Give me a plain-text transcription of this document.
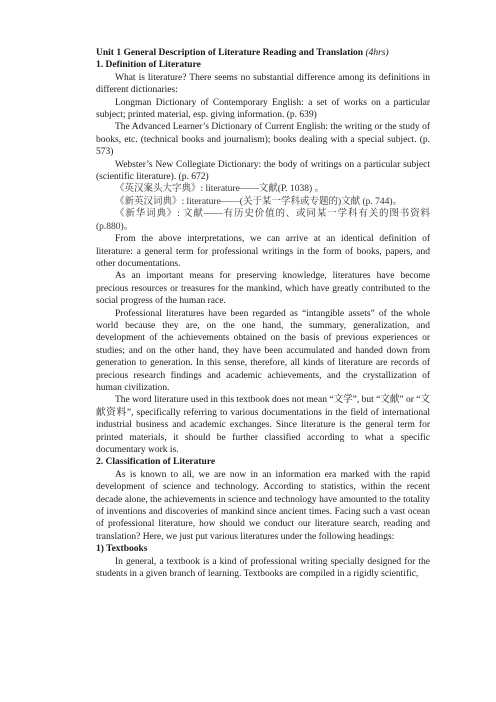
Unit 1 General Description of Literature Reading and Translation (4hrs)

1. Definition of Literature

What is literature? There seems no substantial difference among its definitions in different dictionaries:

Longman Dictionary of Contemporary English: a set of works on a particular subject; printed material, esp. giving information. (p. 639)

The Advanced Learner’s Dictionary of Current English: the writing or the study of books, etc. (technical books and journalism); books dealing with a special subject. (p. 573)

Webster’s New Collegiate Dictionary: the body of writings on a particular subject (scientific literature). (p. 672)

《英汉案头大字典》: literature——文献(P. 1038) 。

《新英汉词典》: literature——(关于某一学科或专题的)文献 (p. 744)。

《新华词典》: 文献——有历史价值的、或同某一学科有关的图书资料(p.880)。

From the above interpretations, we can arrive at an identical definition of literature: a general term for professional writings in the form of books, papers, and other documentations.

As an important means for preserving knowledge, literatures have become precious resources or treasures for the mankind, which have greatly contributed to the social progress of the human race.

Professional literatures have been regarded as “intangible assets” of the whole world because they are, on the one hand, the summary, generalization, and development of the achievements obtained on the basis of previous experiences or studies; and on the other hand, they have been accumulated and handed down from generation to generation. In this sense, therefore, all kinds of literature are records of precious research findings and academic achievements, and the crystallization of human civilization.

The word literature used in this textbook does not mean “文学”, but “文献” or “文献资料”, specifically referring to various documentations in the field of international industrial business and academic exchanges. Since literature is the general term for printed materials, it should be further classified according to what a specific documentary work is.

2. Classification of Literature

As is known to all, we are now in an information era marked with the rapid development of science and technology. According to statistics, within the recent decade alone, the achievements in science and technology have amounted to the totality of inventions and discoveries of mankind since ancient times. Facing such a vast ocean of professional literature, how should we conduct our literature search, reading and translation? Here, we just put various literatures under the following headings:

1) Textbooks

In general, a textbook is a kind of professional writing specially designed for the students in a given branch of learning. Textbooks are compiled in a rigidly scientific,
